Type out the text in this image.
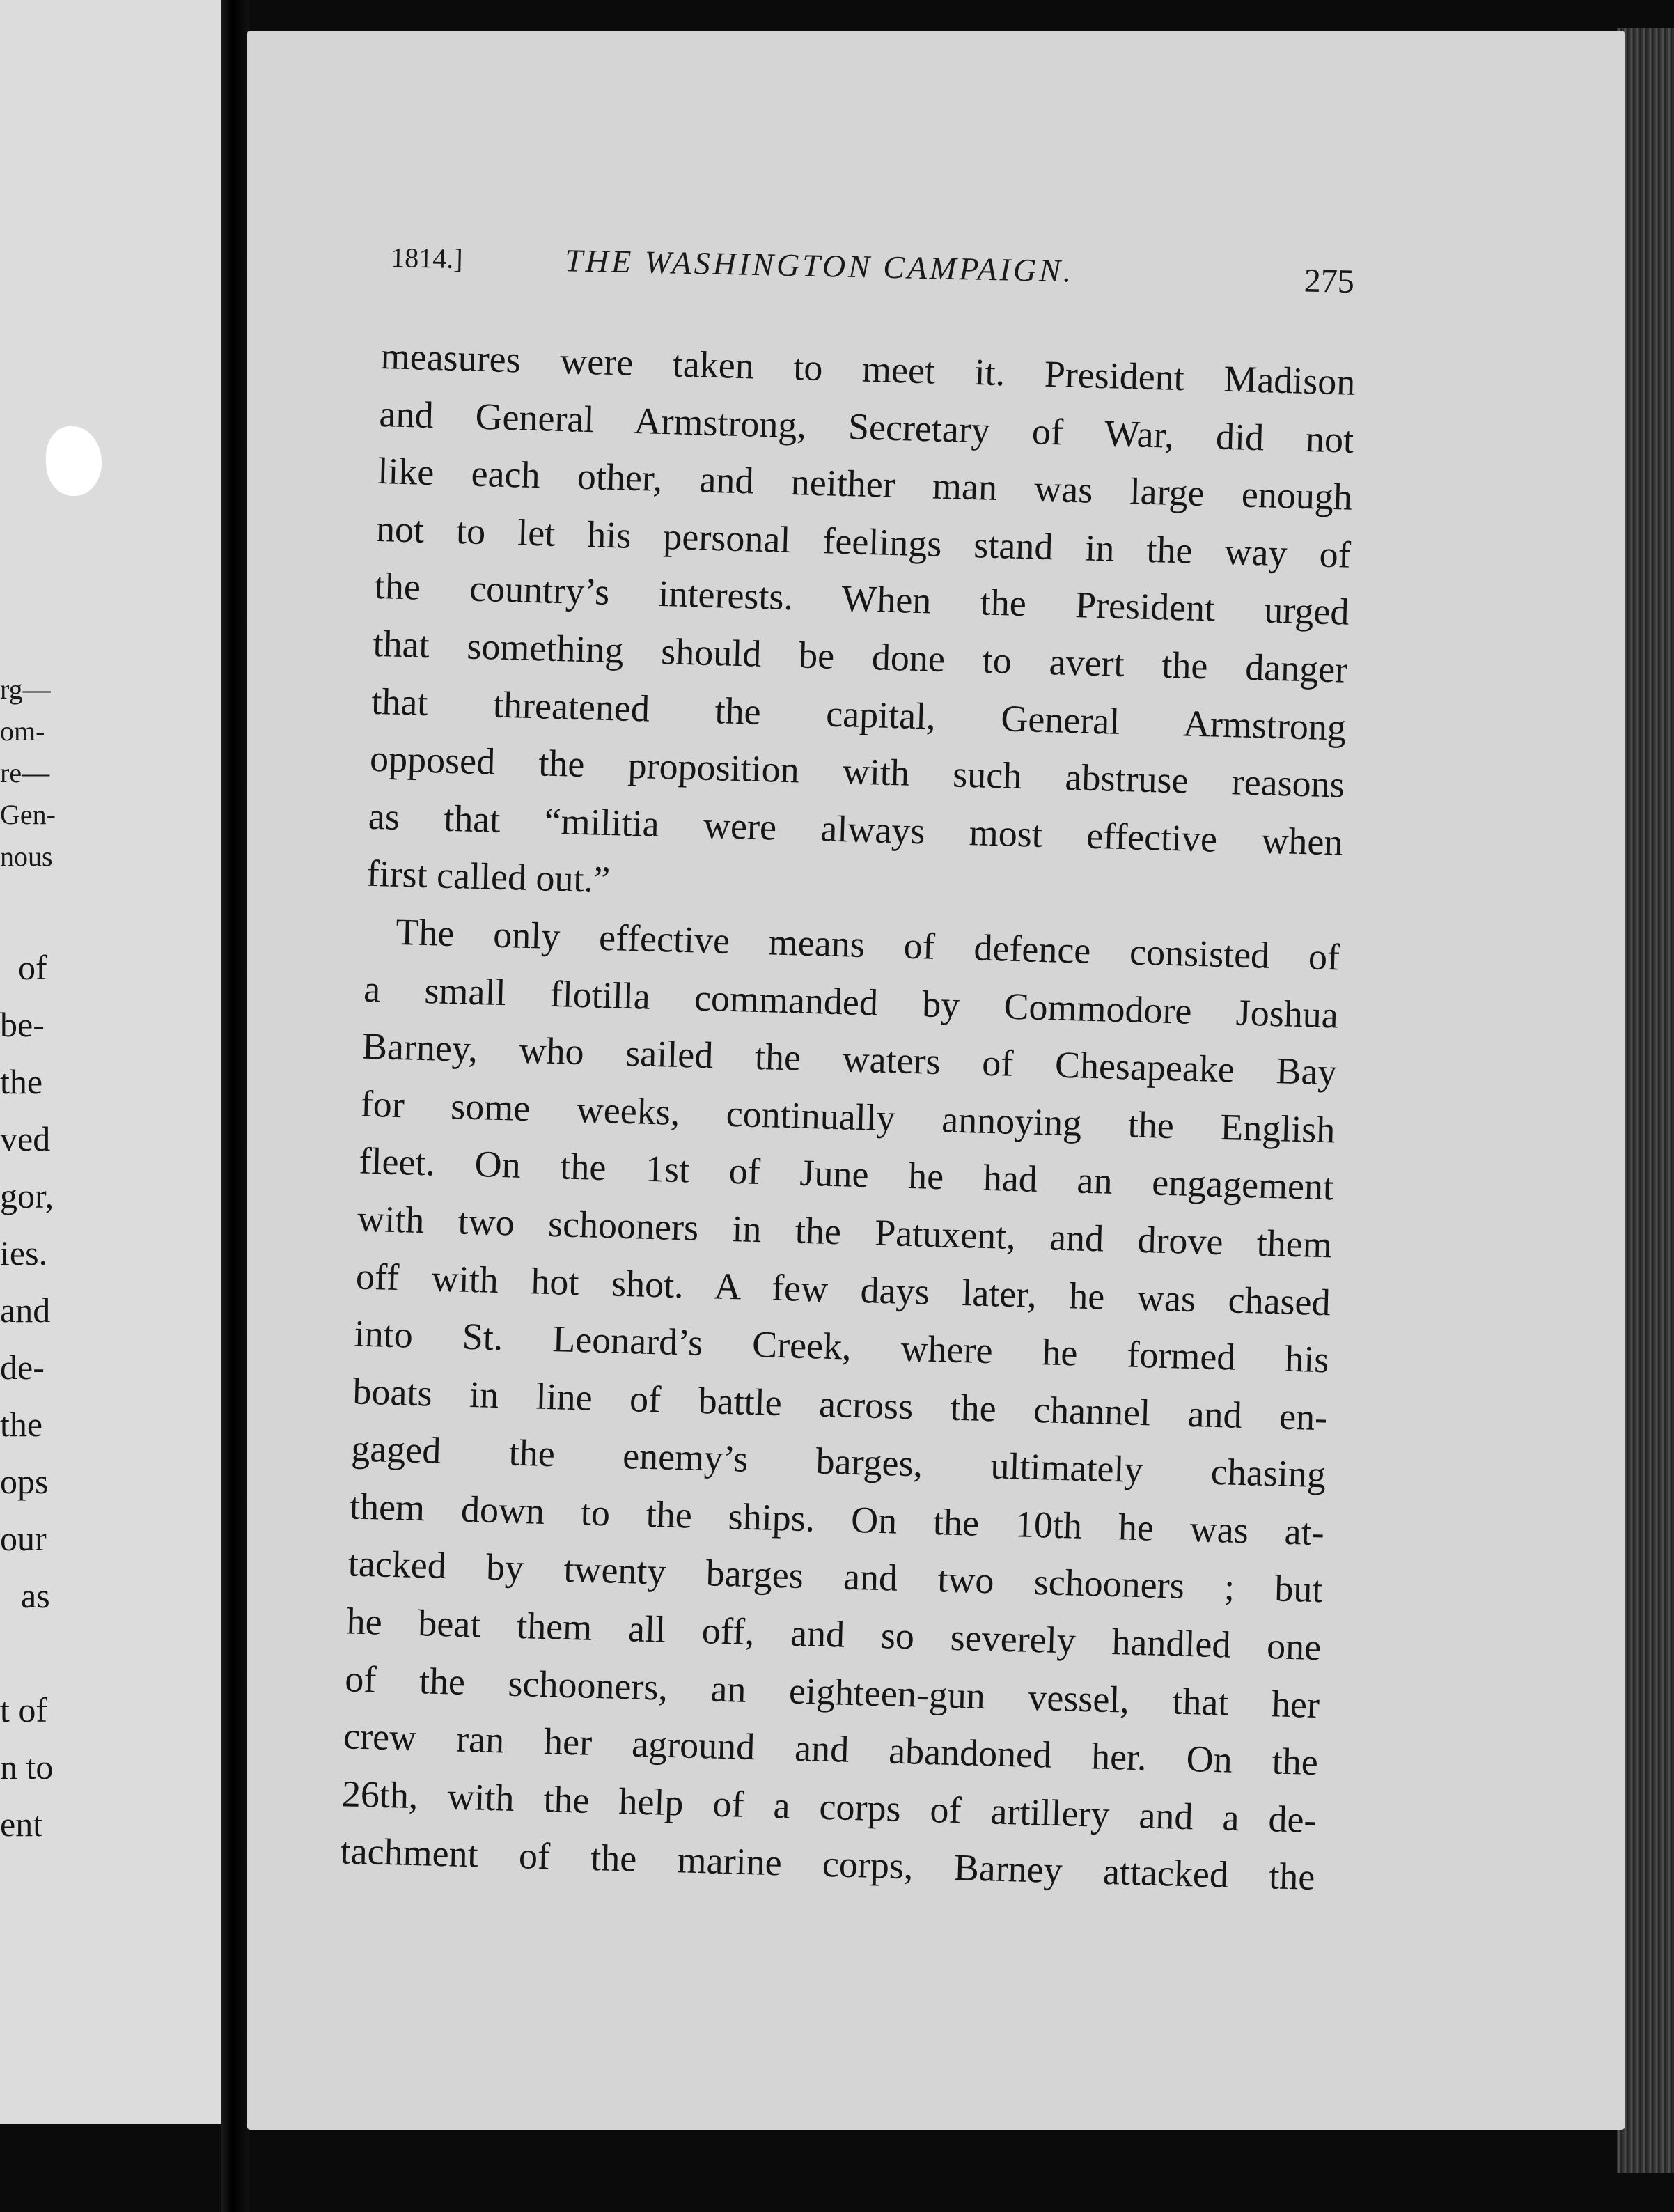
rg—
om-
re—
Gen-
nous
of
be-
the
ved
gor,
ies.
and
de-
the
ops
our
as
t of
n to
ent
1814.]	THE WASHINGTON CAMPAIGN.	275
measures were taken to meet it. President Madison
and General Armstrong, Secretary of War, did not
like each other, and neither man was large enough
not to let his personal feelings stand in the way of
the country’s interests. When the President urged
that something should be done to avert the danger
that threatened the capital, General Armstrong
opposed the proposition with such abstruse reasons
as that “militia were always most effective when
first called out.”
The only effective means of defence consisted of
a small flotilla commanded by Commodore Joshua
Barney, who sailed the waters of Chesapeake Bay
for some weeks, continually annoying the English
fleet. On the 1st of June he had an engagement
with two schooners in the Patuxent, and drove them
off with hot shot. A few days later, he was chased
into St. Leonard’s Creek, where he formed his
boats in line of battle across the channel and en-
gaged the enemy’s barges, ultimately chasing
them down to the ships. On the 10th he was at-
tacked by twenty barges and two schooners ; but
he beat them all off, and so severely handled one
of the schooners, an eighteen-gun vessel, that her
crew ran her aground and abandoned her. On the
26th, with the help of a corps of artillery and a de-
tachment of the marine corps, Barney attacked the
